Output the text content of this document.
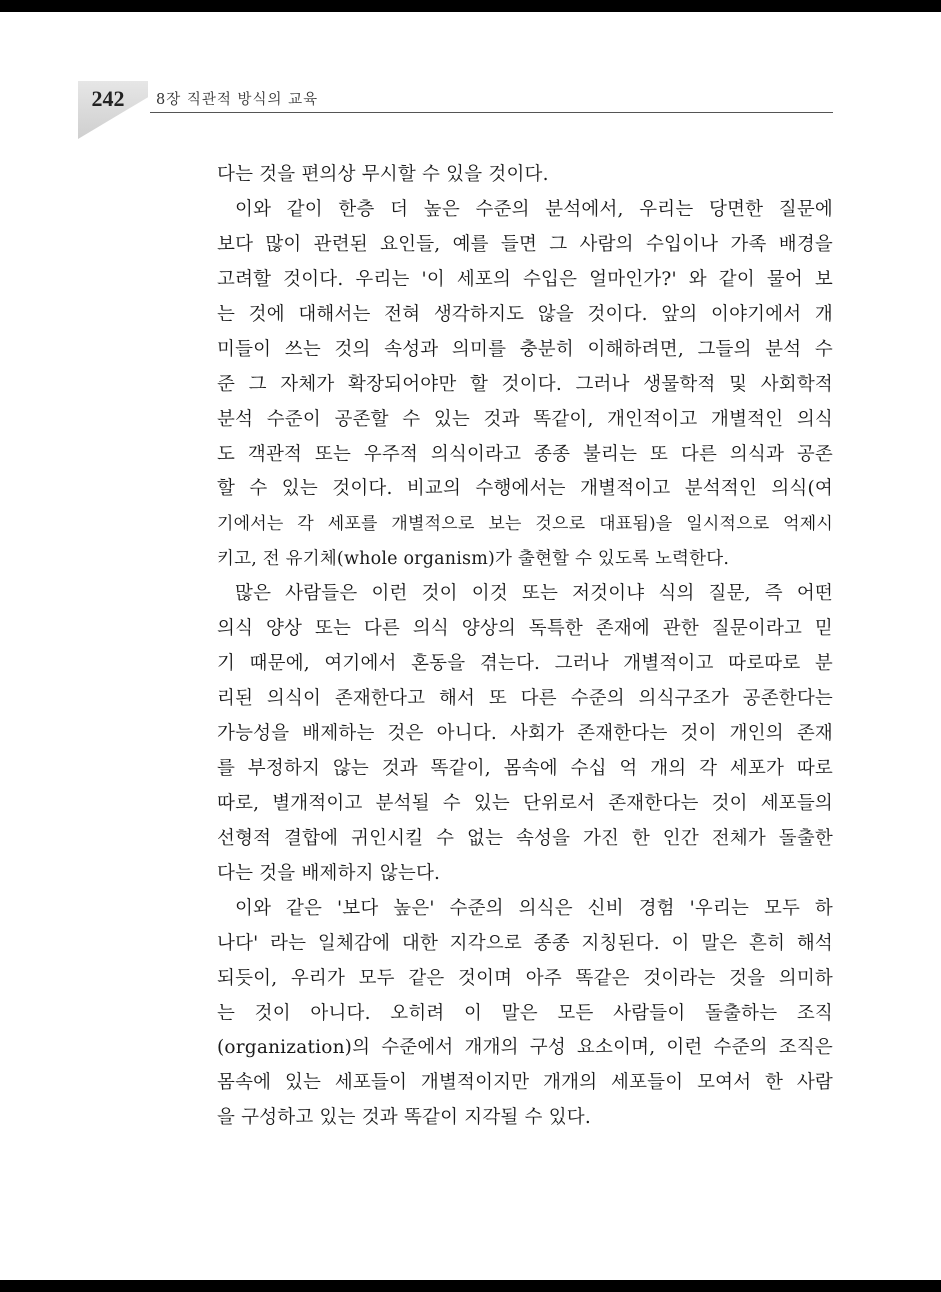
242	8장 직관적 방식의 교육
다는 것을 편의상 무시할 수 있을 것이다.
이와 같이 한층 더 높은 수준의 분석에서, 우리는 당면한 질문에
보다 많이 관련된 요인들, 예를 들면 그 사람의 수입이나 가족 배경을
고려할 것이다. 우리는 '이 세포의 수입은 얼마인가?' 와 같이 물어 보
는 것에 대해서는 전혀 생각하지도 않을 것이다. 앞의 이야기에서 개
미들이 쓰는 것의 속성과 의미를 충분히 이해하려면, 그들의 분석 수
준 그 자체가 확장되어야만 할 것이다. 그러나 생물학적 및 사회학적
분석 수준이 공존할 수 있는 것과 똑같이, 개인적이고 개별적인 의식
도 객관적 또는 우주적 의식이라고 종종 불리는 또 다른 의식과 공존
할 수 있는 것이다. 비교의 수행에서는 개별적이고 분석적인 의식(여
기에서는 각 세포를 개별적으로 보는 것으로 대표됨)을 일시적으로 억제시
키고, 전 유기체(whole organism)가 출현할 수 있도록 노력한다.
많은 사람들은 이런 것이 이것 또는 저것이냐 식의 질문, 즉 어떤
의식 양상 또는 다른 의식 양상의 독특한 존재에 관한 질문이라고 믿
기 때문에, 여기에서 혼동을 겪는다. 그러나 개별적이고 따로따로 분
리된 의식이 존재한다고 해서 또 다른 수준의 의식구조가 공존한다는
가능성을 배제하는 것은 아니다. 사회가 존재한다는 것이 개인의 존재
를 부정하지 않는 것과 똑같이, 몸속에 수십 억 개의 각 세포가 따로
따로, 별개적이고 분석될 수 있는 단위로서 존재한다는 것이 세포들의
선형적 결합에 귀인시킬 수 없는 속성을 가진 한 인간 전체가 돌출한
다는 것을 배제하지 않는다.
이와 같은 '보다 높은' 수준의 의식은 신비 경험 '우리는 모두 하
나다' 라는 일체감에 대한 지각으로 종종 지칭된다. 이 말은 흔히 해석
되듯이, 우리가 모두 같은 것이며 아주 똑같은 것이라는 것을 의미하
는 것이 아니다. 오히려 이 말은 모든 사람들이 돌출하는 조직
(organization)의 수준에서 개개의 구성 요소이며, 이런 수준의 조직은
몸속에 있는 세포들이 개별적이지만 개개의 세포들이 모여서 한 사람
을 구성하고 있는 것과 똑같이 지각될 수 있다.
